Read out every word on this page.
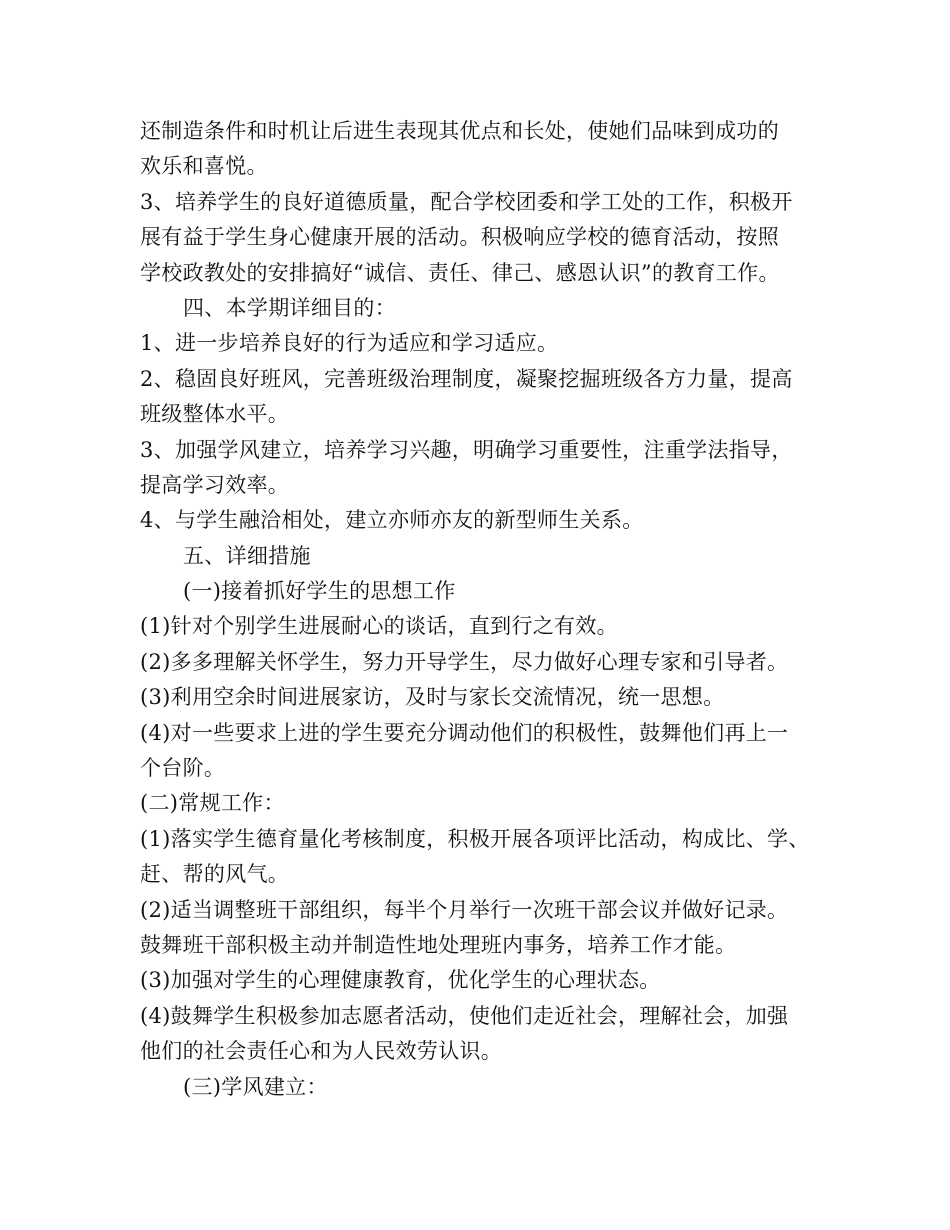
还制造条件和时机让后进生表现其优点和长处，使她们品味到成功的
欢乐和喜悦。
3、培养学生的良好道德质量，配合学校团委和学工处的工作，积极开
展有益于学生身心健康开展的活动。积极响应学校的德育活动，按照
学校政教处的安排搞好“诚信、责任、律己、感恩认识”的教育工作。
四、本学期详细目的：
1、进一步培养良好的行为适应和学习适应。
2、稳固良好班风，完善班级治理制度，凝聚挖掘班级各方力量，提高
班级整体水平。
3、加强学风建立，培养学习兴趣，明确学习重要性，注重学法指导，
提高学习效率。
4、与学生融洽相处，建立亦师亦友的新型师生关系。
五、详细措施
(一)接着抓好学生的思想工作
(1)针对个别学生进展耐心的谈话，直到行之有效。
(2)多多理解关怀学生，努力开导学生，尽力做好心理专家和引导者。
(3)利用空余时间进展家访，及时与家长交流情况，统一思想。
(4)对一些要求上进的学生要充分调动他们的积极性，鼓舞他们再上一
个台阶。
(二)常规工作：
(1)落实学生德育量化考核制度，积极开展各项评比活动，构成比、学、
赶、帮的风气。
(2)适当调整班干部组织，每半个月举行一次班干部会议并做好记录。
鼓舞班干部积极主动并制造性地处理班内事务，培养工作才能。
(3)加强对学生的心理健康教育，优化学生的心理状态。
(4)鼓舞学生积极参加志愿者活动，使他们走近社会，理解社会，加强
他们的社会责任心和为人民效劳认识。
(三)学风建立：
